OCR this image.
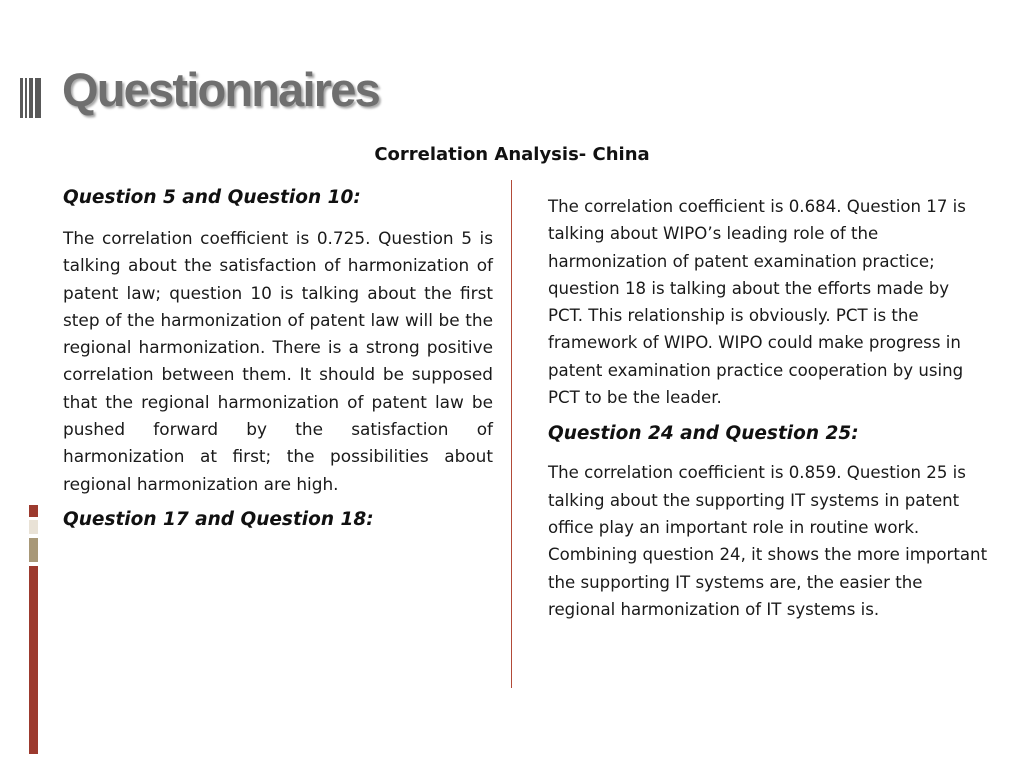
Questionnaires
Correlation Analysis- China

Question 5 and Question 10:

The correlation coefficient is 0.725. Question 5 is talking about the satisfaction of harmonization of patent law; question 10 is talking about the first step of the harmonization of patent law will be the regional harmonization. There is a strong positive correlation between them. It should be supposed that the regional harmonization of patent law be pushed forward by the satisfaction of harmonization at first; the possibilities about regional harmonization are high.

Question 17 and Question 18:

The correlation coefficient is 0.684. Question 17 is talking about WIPO’s leading role of the harmonization of patent examination practice; question 18 is talking about the efforts made by PCT. This relationship is obviously. PCT is the framework of WIPO. WIPO could make progress in patent examination practice cooperation by using PCT to be the leader.

Question 24 and Question 25:

The correlation coefficient is 0.859. Question 25 is talking about the supporting IT systems in patent office play an important role in routine work. Combining question 24, it shows the more important the supporting IT systems are, the easier the regional harmonization of IT systems is.
